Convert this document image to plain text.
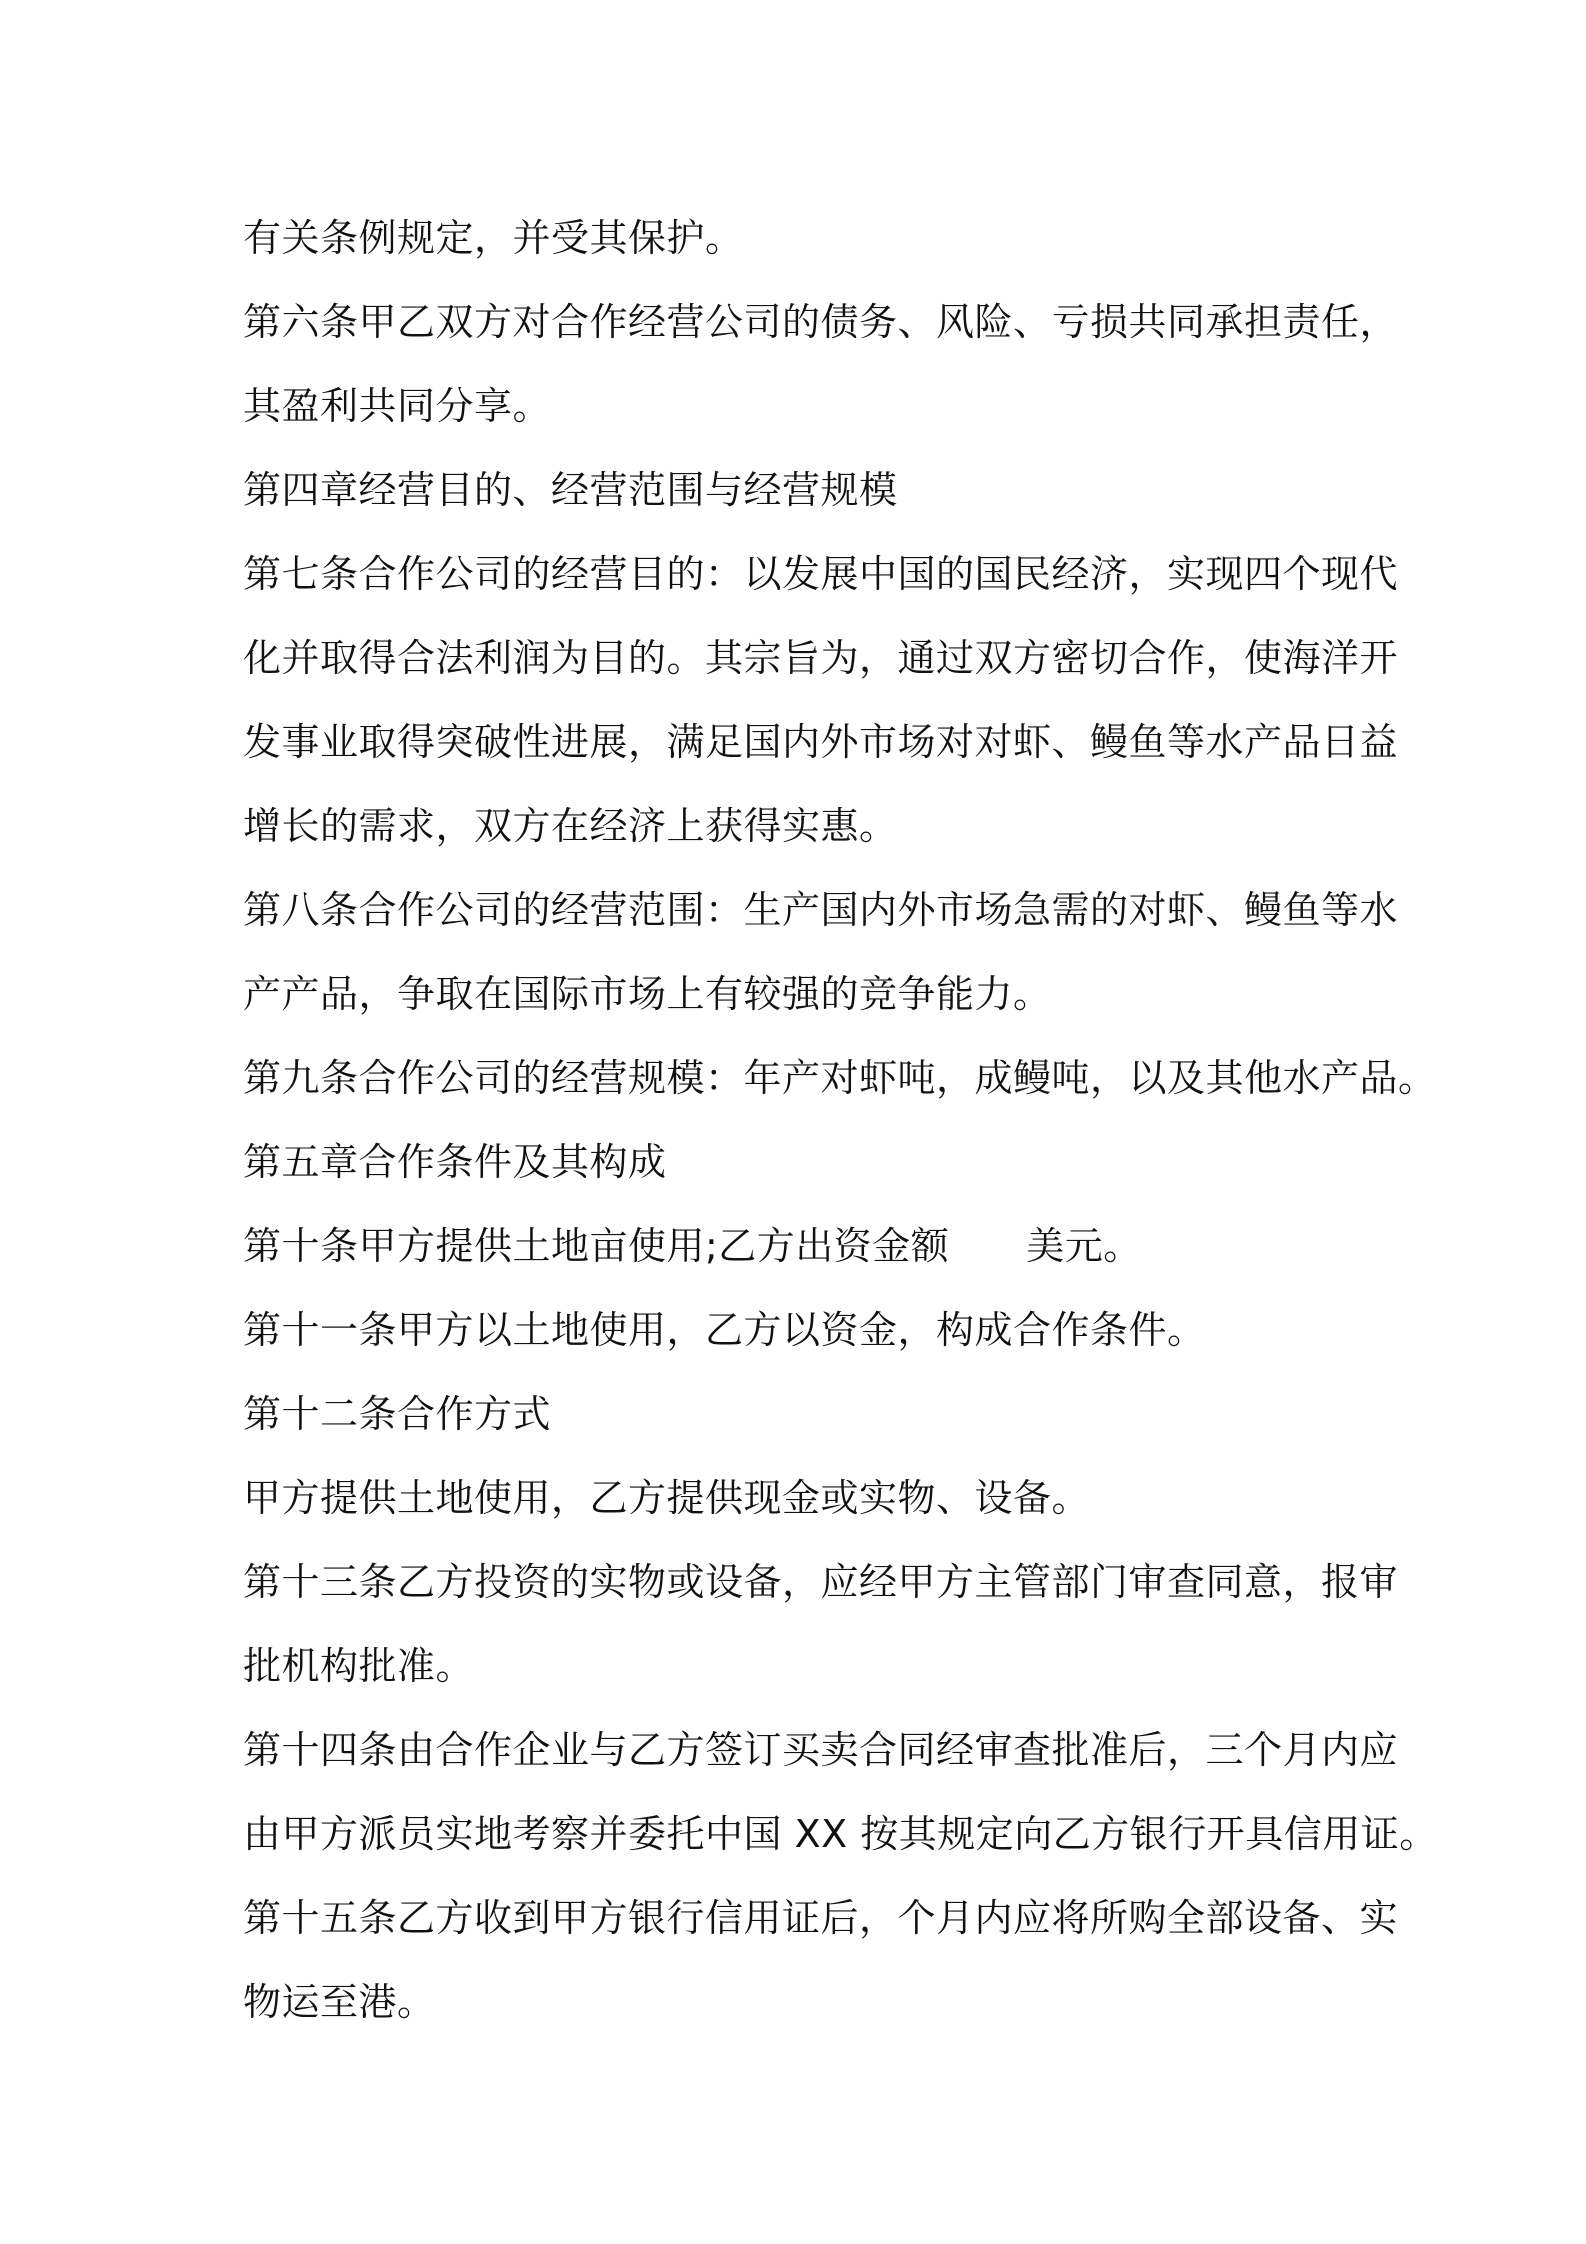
有关条例规定，并受其保护。
第六条甲乙双方对合作经营公司的债务、风险、亏损共同承担责任，
其盈利共同分享。
第四章经营目的、经营范围与经营规模
第七条合作公司的经营目的：以发展中国的国民经济，实现四个现代
化并取得合法利润为目的。其宗旨为，通过双方密切合作，使海洋开
发事业取得突破性进展，满足国内外市场对对虾、鳗鱼等水产品日益
增长的需求，双方在经济上获得实惠。
第八条合作公司的经营范围：生产国内外市场急需的对虾、鳗鱼等水
产产品，争取在国际市场上有较强的竞争能力。
第九条合作公司的经营规模：年产对虾吨，成鳗吨，以及其他水产品。
第五章合作条件及其构成
第十条甲方提供土地亩使用;乙方出资金额　　美元。
第十一条甲方以土地使用，乙方以资金，构成合作条件。
第十二条合作方式
甲方提供土地使用，乙方提供现金或实物、设备。
第十三条乙方投资的实物或设备，应经甲方主管部门审查同意，报审
批机构批准。
第十四条由合作企业与乙方签订买卖合同经审查批准后，三个月内应
由甲方派员实地考察并委托中国 XX 按其规定向乙方银行开具信用证。
第十五条乙方收到甲方银行信用证后，个月内应将所购全部设备、实
物运至港。
